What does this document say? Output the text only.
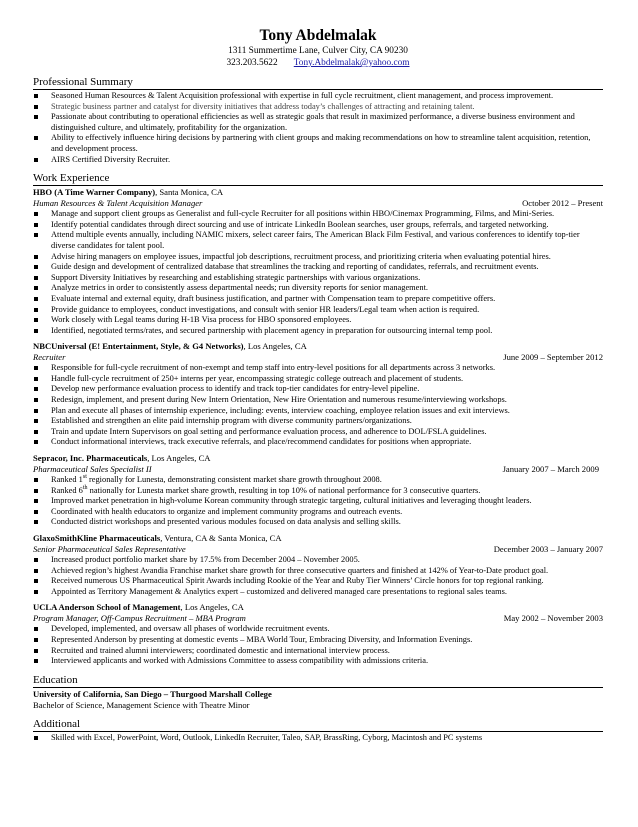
Tony Abdelmalak
1311 Summertime Lane, Culver City, CA 90230
323.203.5622 Tony.Abdelmalak@yahoo.com
Professional Summary
Seasoned Human Resources & Talent Acquisition professional with expertise in full cycle recruitment, client management, and process improvement.
Strategic business partner and catalyst for diversity initiatives that address today’s challenges of attracting and retaining talent.
Passionate about contributing to operational efficiencies as well as strategic goals that result in maximized performance, a diverse business environment and distinguished culture, and ultimately, profitability for the organization.
Ability to effectively influence hiring decisions by partnering with client groups and making recommendations on how to streamline talent acquisition, retention, and development process.
AIRS Certified Diversity Recruiter.
Work Experience
HBO (A Time Warner Company), Santa Monica, CA
Human Resources & Talent Acquisition Manager	October 2012 – Present
Manage and support client groups as Generalist and full-cycle Recruiter for all positions within HBO/Cinemax Programming, Films, and Mini-Series.
Identify potential candidates through direct sourcing and use of intricate LinkedIn Boolean searches, user groups, referrals, and targeted networking.
Attend multiple events annually, including NAMIC mixers, select career fairs, The American Black Film Festival, and various conferences to identify top-tier diverse candidates for talent pool.
Advise hiring managers on employee issues, impactful job descriptions, recruitment process, and prioritizing criteria when evaluating potential hires.
Guide design and development of centralized database that streamlines the tracking and reporting of candidates, referrals, and recruitment events.
Support Diversity Initiatives by researching and establishing strategic partnerships with various organizations.
Analyze metrics in order to consistently assess departmental needs; run diversity reports for senior management.
Evaluate internal and external equity, draft business justification, and partner with Compensation team to prepare competitive offers.
Provide guidance to employees, conduct investigations, and consult with senior HR leaders/Legal team when action is required.
Work closely with Legal teams during H-1B Visa process for HBO sponsored employees.
Identified, negotiated terms/rates, and secured partnership with placement agency in preparation for outsourcing internal temp pool.
NBCUniversal (E! Entertainment, Style, & G4 Networks), Los Angeles, CA
Recruiter	June 2009 – September 2012
Responsible for full-cycle recruitment of non-exempt and temp staff into entry-level positions for all departments across 3 networks.
Handle full-cycle recruitment of 250+ interns per year, encompassing strategic college outreach and placement of students.
Develop new performance evaluation process to identify and track top-tier candidates for entry-level pipeline.
Redesign, implement, and present during New Intern Orientation, New Hire Orientation and numerous resume/interviewing workshops.
Plan and execute all phases of internship experience, including: events, interview coaching, employee relation issues and exit interviews.
Established and strengthen an elite paid internship program with diverse community partners/organizations.
Train and update Intern Supervisors on goal setting and performance evaluation process, and adherence to DOL/FSLA guidelines.
Conduct informational interviews, track executive referrals, and place/recommend candidates for positions when appropriate.
Sepracor, Inc. Pharmaceuticals, Los Angeles, CA
Pharmaceutical Sales Specialist II	January 2007 – March 2009
Ranked 1st regionally for Lunesta, demonstrating consistent market share growth throughout 2008.
Ranked 6th nationally for Lunesta market share growth, resulting in top 10% of national performance for 3 consecutive quarters.
Improved market penetration in high-volume Korean community through strategic targeting, cultural initiatives and leveraging thought leaders.
Coordinated with health educators to organize and implement community programs and outreach events.
Conducted district workshops and presented various modules focused on data analysis and selling skills.
GlaxoSmithKline Pharmaceuticals, Ventura, CA & Santa Monica, CA
Senior Pharmaceutical Sales Representative	December 2003 – January 2007
Increased product portfolio market share by 17.5% from December 2004 – November 2005.
Achieved region’s highest Avandia Franchise market share growth for three consecutive quarters and finished at 142% of Year-to-Date product goal.
Received numerous US Pharmaceutical Spirit Awards including Rookie of the Year and Ruby Tier Winners’ Circle honors for top regional ranking.
Appointed as Territory Management & Analytics expert – customized and delivered managed care presentations to regional sales teams.
UCLA Anderson School of Management, Los Angeles, CA
Program Manager, Off-Campus Recruitment – MBA Program	May 2002 – November 2003
Developed, implemented, and oversaw all phases of worldwide recruitment events.
Represented Anderson by presenting at domestic events – MBA World Tour, Embracing Diversity, and Information Evenings.
Recruited and trained alumni interviewers; coordinated domestic and international interview process.
Interviewed applicants and worked with Admissions Committee to assess compatibility with admissions criteria.
Education
University of California, San Diego – Thurgood Marshall College
Bachelor of Science, Management Science with Theatre Minor
Additional
Skilled with Excel, PowerPoint, Word, Outlook, LinkedIn Recruiter, Taleo, SAP, BrassRing, Cyborg, Macintosh and PC systems
